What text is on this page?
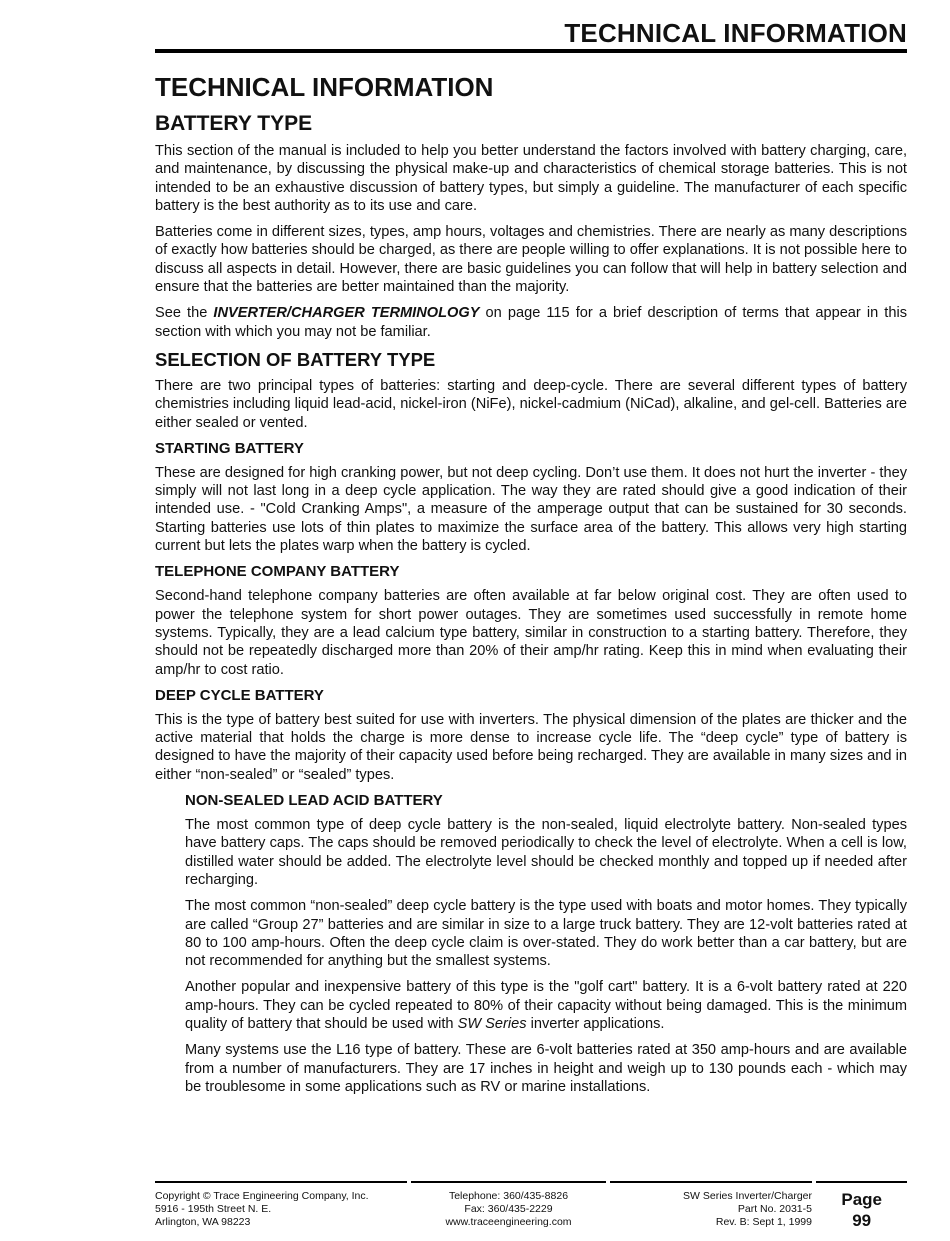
TECHNICAL INFORMATION
TECHNICAL INFORMATION
BATTERY TYPE

This section of the manual is included to help you better understand the factors involved with battery charging, care, and maintenance, by discussing the physical make-up and characteristics of chemical storage batteries. This is not intended to be an exhaustive discussion of battery types, but simply a guideline. The manufacturer of each specific battery is the best authority as to its use and care.

Batteries come in different sizes, types, amp hours, voltages and chemistries. There are nearly as many descriptions of exactly how batteries should be charged, as there are people willing to offer explanations. It is not possible here to discuss all aspects in detail. However, there are basic guidelines you can follow that will help in battery selection and ensure that the batteries are better maintained than the majority.

See the INVERTER/CHARGER TERMINOLOGY on page 115 for a brief description of terms that appear in this section with which you may not be familiar.

SELECTION OF BATTERY TYPE

There are two principal types of batteries: starting and deep-cycle. There are several different types of battery chemistries including liquid lead-acid, nickel-iron (NiFe), nickel-cadmium (NiCad), alkaline, and gel-cell. Batteries are either sealed or vented.

STARTING BATTERY

These are designed for high cranking power, but not deep cycling. Don’t use them. It does not hurt the inverter - they simply will not last long in a deep cycle application. The way they are rated should give a good indication of their intended use. - "Cold Cranking Amps", a measure of the amperage output that can be sustained for 30 seconds. Starting batteries use lots of thin plates to maximize the surface area of the battery. This allows very high starting current but lets the plates warp when the battery is cycled.

TELEPHONE COMPANY BATTERY

Second-hand telephone company batteries are often available at far below original cost. They are often used to power the telephone system for short power outages. They are sometimes used successfully in remote home systems. Typically, they are a lead calcium type battery, similar in construction to a starting battery. Therefore, they should not be repeatedly discharged more than 20% of their amp/hr rating. Keep this in mind when evaluating their amp/hr to cost ratio.

DEEP CYCLE BATTERY

This is the type of battery best suited for use with inverters. The physical dimension of the plates are thicker and the active material that holds the charge is more dense to increase cycle life. The “deep cycle” type of battery is designed to have the majority of their capacity used before being recharged. They are available in many sizes and in either “non-sealed” or “sealed” types.

NON-SEALED LEAD ACID BATTERY

The most common type of deep cycle battery is the non-sealed, liquid electrolyte battery. Non-sealed types have battery caps. The caps should be removed periodically to check the level of electrolyte. When a cell is low, distilled water should be added. The electrolyte level should be checked monthly and topped up if needed after recharging.

The most common “non-sealed” deep cycle battery is the type used with boats and motor homes. They typically are called “Group 27” batteries and are similar in size to a large truck battery. They are 12-volt batteries rated at 80 to 100 amp-hours. Often the deep cycle claim is over-stated. They do work better than a car battery, but are not recommended for anything but the smallest systems.

Another popular and inexpensive battery of this type is the "golf cart" battery. It is a 6-volt battery rated at 220 amp-hours. They can be cycled repeated to 80% of their capacity without being damaged. This is the minimum quality of battery that should be used with SW Series inverter applications.

Many systems use the L16 type of battery. These are 6-volt batteries rated at 350 amp-hours and are available from a number of manufacturers. They are 17 inches in height and weigh up to 130 pounds each - which may be troublesome in some applications such as RV or marine installations.

Copyright © Trace Engineering Company, Inc.
5916 - 195th Street N. E.
Arlington, WA 98223
Telephone: 360/435-8826
Fax: 360/435-2229
www.traceengineering.com
SW Series Inverter/Charger
Part No. 2031-5
Rev. B: Sept 1, 1999
Page
99
